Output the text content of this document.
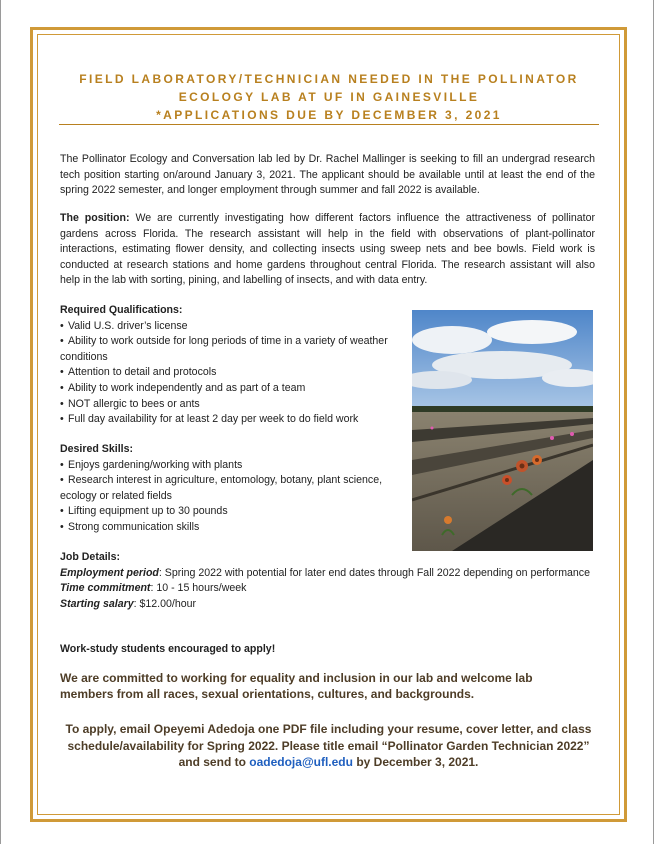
FIELD LABORATORY/TECHNICIAN NEEDED IN THE POLLINATOR
ECOLOGY LAB AT UF IN GAINESVILLE
*APPLICATIONS DUE BY DECEMBER 3, 2021
The Pollinator Ecology and Conversation lab led by Dr. Rachel Mallinger is seeking to fill an undergrad research tech position starting on/around January 3, 2021. The applicant should be available until at least the end of the spring 2022 semester, and longer employment through summer and fall 2022 is available.
The position: We are currently investigating how different factors influence the attractiveness of pollinator gardens across Florida. The research assistant will help in the field with observations of plant-pollinator interactions, estimating flower density, and collecting insects using sweep nets and bee bowls. Field work is conducted at research stations and home gardens throughout central Florida. The research assistant will also help in the lab with sorting, pining, and labelling of insects, and with data entry.
Required Qualifications:
• Valid U.S. driver’s license
• Ability to work outside for long periods of time in a variety of weather conditions
• Attention to detail and protocols
• Ability to work independently and as part of a team
• NOT allergic to bees or ants
• Full day availability for at least 2 day per week to do field work
Desired Skills:
• Enjoys gardening/working with plants
• Research interest in agriculture, entomology, botany, plant science, ecology or related fields
• Lifting equipment up to 30 pounds
• Strong communication skills
Job Details:
Employment period: Spring 2022 with potential for later end dates through Fall 2022 depending on performance
Time commitment: 10 - 15 hours/week
Starting salary: $12.00/hour
Work-study students encouraged to apply!
We are committed to working for equality and inclusion in our lab and welcome lab members from all races, sexual orientations, cultures, and backgrounds.
To apply, email Opeyemi Adedoja one PDF file including your resume, cover letter, and class schedule/availability for Spring 2022. Please title email “Pollinator Garden Technician 2022” and send to oadedoja@ufl.edu by December 3, 2021.
